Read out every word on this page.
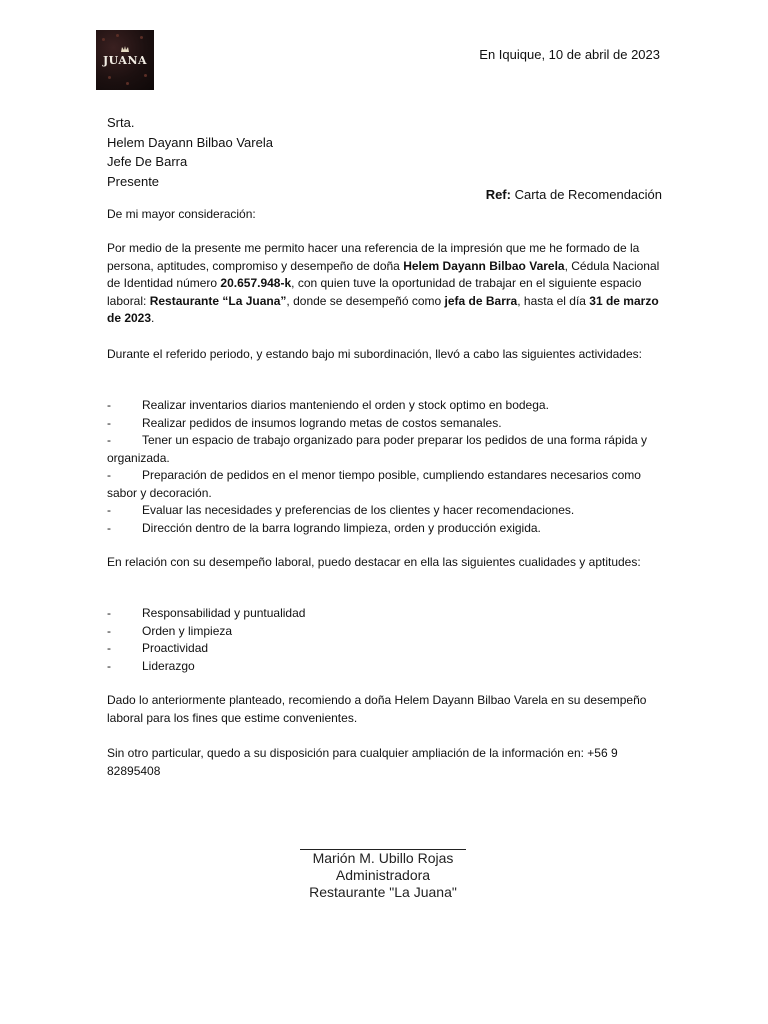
JUANA	En Iquique, 10 de abril de 2023
Srta.
Helem Dayann Bilbao Varela
Jefe De Barra
Presente
Ref: Carta de Recomendación
De mi mayor consideración:
Por medio de la presente me permito hacer una referencia de la impresión que me he formado de la persona, aptitudes, compromiso y desempeño de doña Helem Dayann Bilbao Varela, Cédula Nacional de Identidad número 20.657.948-k, con quien tuve la oportunidad de trabajar en el siguiente espacio laboral: Restaurante “La Juana”, donde se desempeñó como jefa de Barra, hasta el día 31 de marzo de 2023.
Durante el referido periodo, y estando bajo mi subordinación, llevó a cabo las siguientes actividades:
-	Realizar inventarios diarios manteniendo el orden y stock optimo en bodega.
-	Realizar pedidos de insumos logrando metas de costos semanales.
-	Tener un espacio de trabajo organizado para poder preparar los pedidos de una forma rápida y organizada.
-	Preparación de pedidos en el menor tiempo posible, cumpliendo estandares necesarios como sabor y decoración.
-	Evaluar las necesidades y preferencias de los clientes y hacer recomendaciones.
-	Dirección dentro de la barra logrando limpieza, orden y producción exigida.
En relación con su desempeño laboral, puedo destacar en ella las siguientes cualidades y aptitudes:
-	Responsabilidad y puntualidad
-	Orden y limpieza
-	Proactividad
-	Liderazgo
Dado lo anteriormente planteado, recomiendo a doña Helem Dayann Bilbao Varela en su desempeño laboral para los fines que estime convenientes.
Sin otro particular, quedo a su disposición para cualquier ampliación de la información en: +56 9 82895408
Marión M. Ubillo Rojas
Administradora
Restaurante "La Juana"
